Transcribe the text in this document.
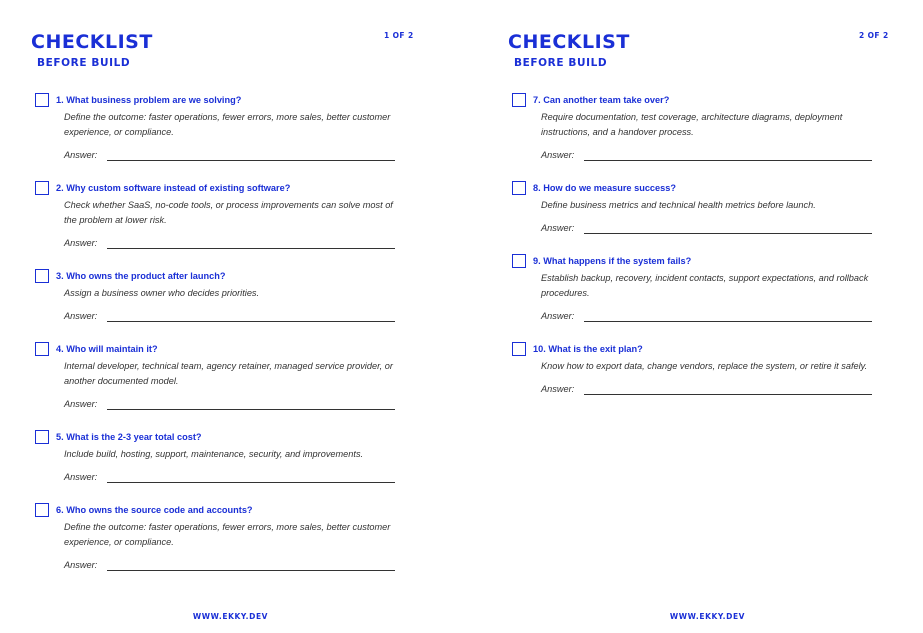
CHECKLIST
BEFORE BUILD
1 OF 2
1. What business problem are we solving?
Define the outcome: faster operations, fewer errors, more sales, better customer experience, or compliance.
Answer:
2. Why custom software instead of existing software?
Check whether SaaS, no-code tools, or process improvements can solve most of the problem at lower risk.
Answer:
3. Who owns the product after launch?
Assign a business owner who decides priorities.
Answer:
4. Who will maintain it?
Internal developer, technical team, agency retainer, managed service provider, or another documented model.
Answer:
5. What is the 2-3 year total cost?
Include build, hosting, support, maintenance, security, and improvements.
Answer:
6. Who owns the source code and accounts?
Define the outcome: faster operations, fewer errors, more sales, better customer experience, or compliance.
Answer:
WWW.EKKY.DEV
CHECKLIST
BEFORE BUILD
2 OF 2
7. Can another team take over?
Require documentation, test coverage, architecture diagrams, deployment instructions, and a handover process.
Answer:
8. How do we measure success?
Define business metrics and technical health metrics before launch.
Answer:
9. What happens if the system fails?
Establish backup, recovery, incident contacts, support expectations, and rollback procedures.
Answer:
10. What is the exit plan?
Know how to export data, change vendors, replace the system, or retire it safely.
Answer:
WWW.EKKY.DEV
